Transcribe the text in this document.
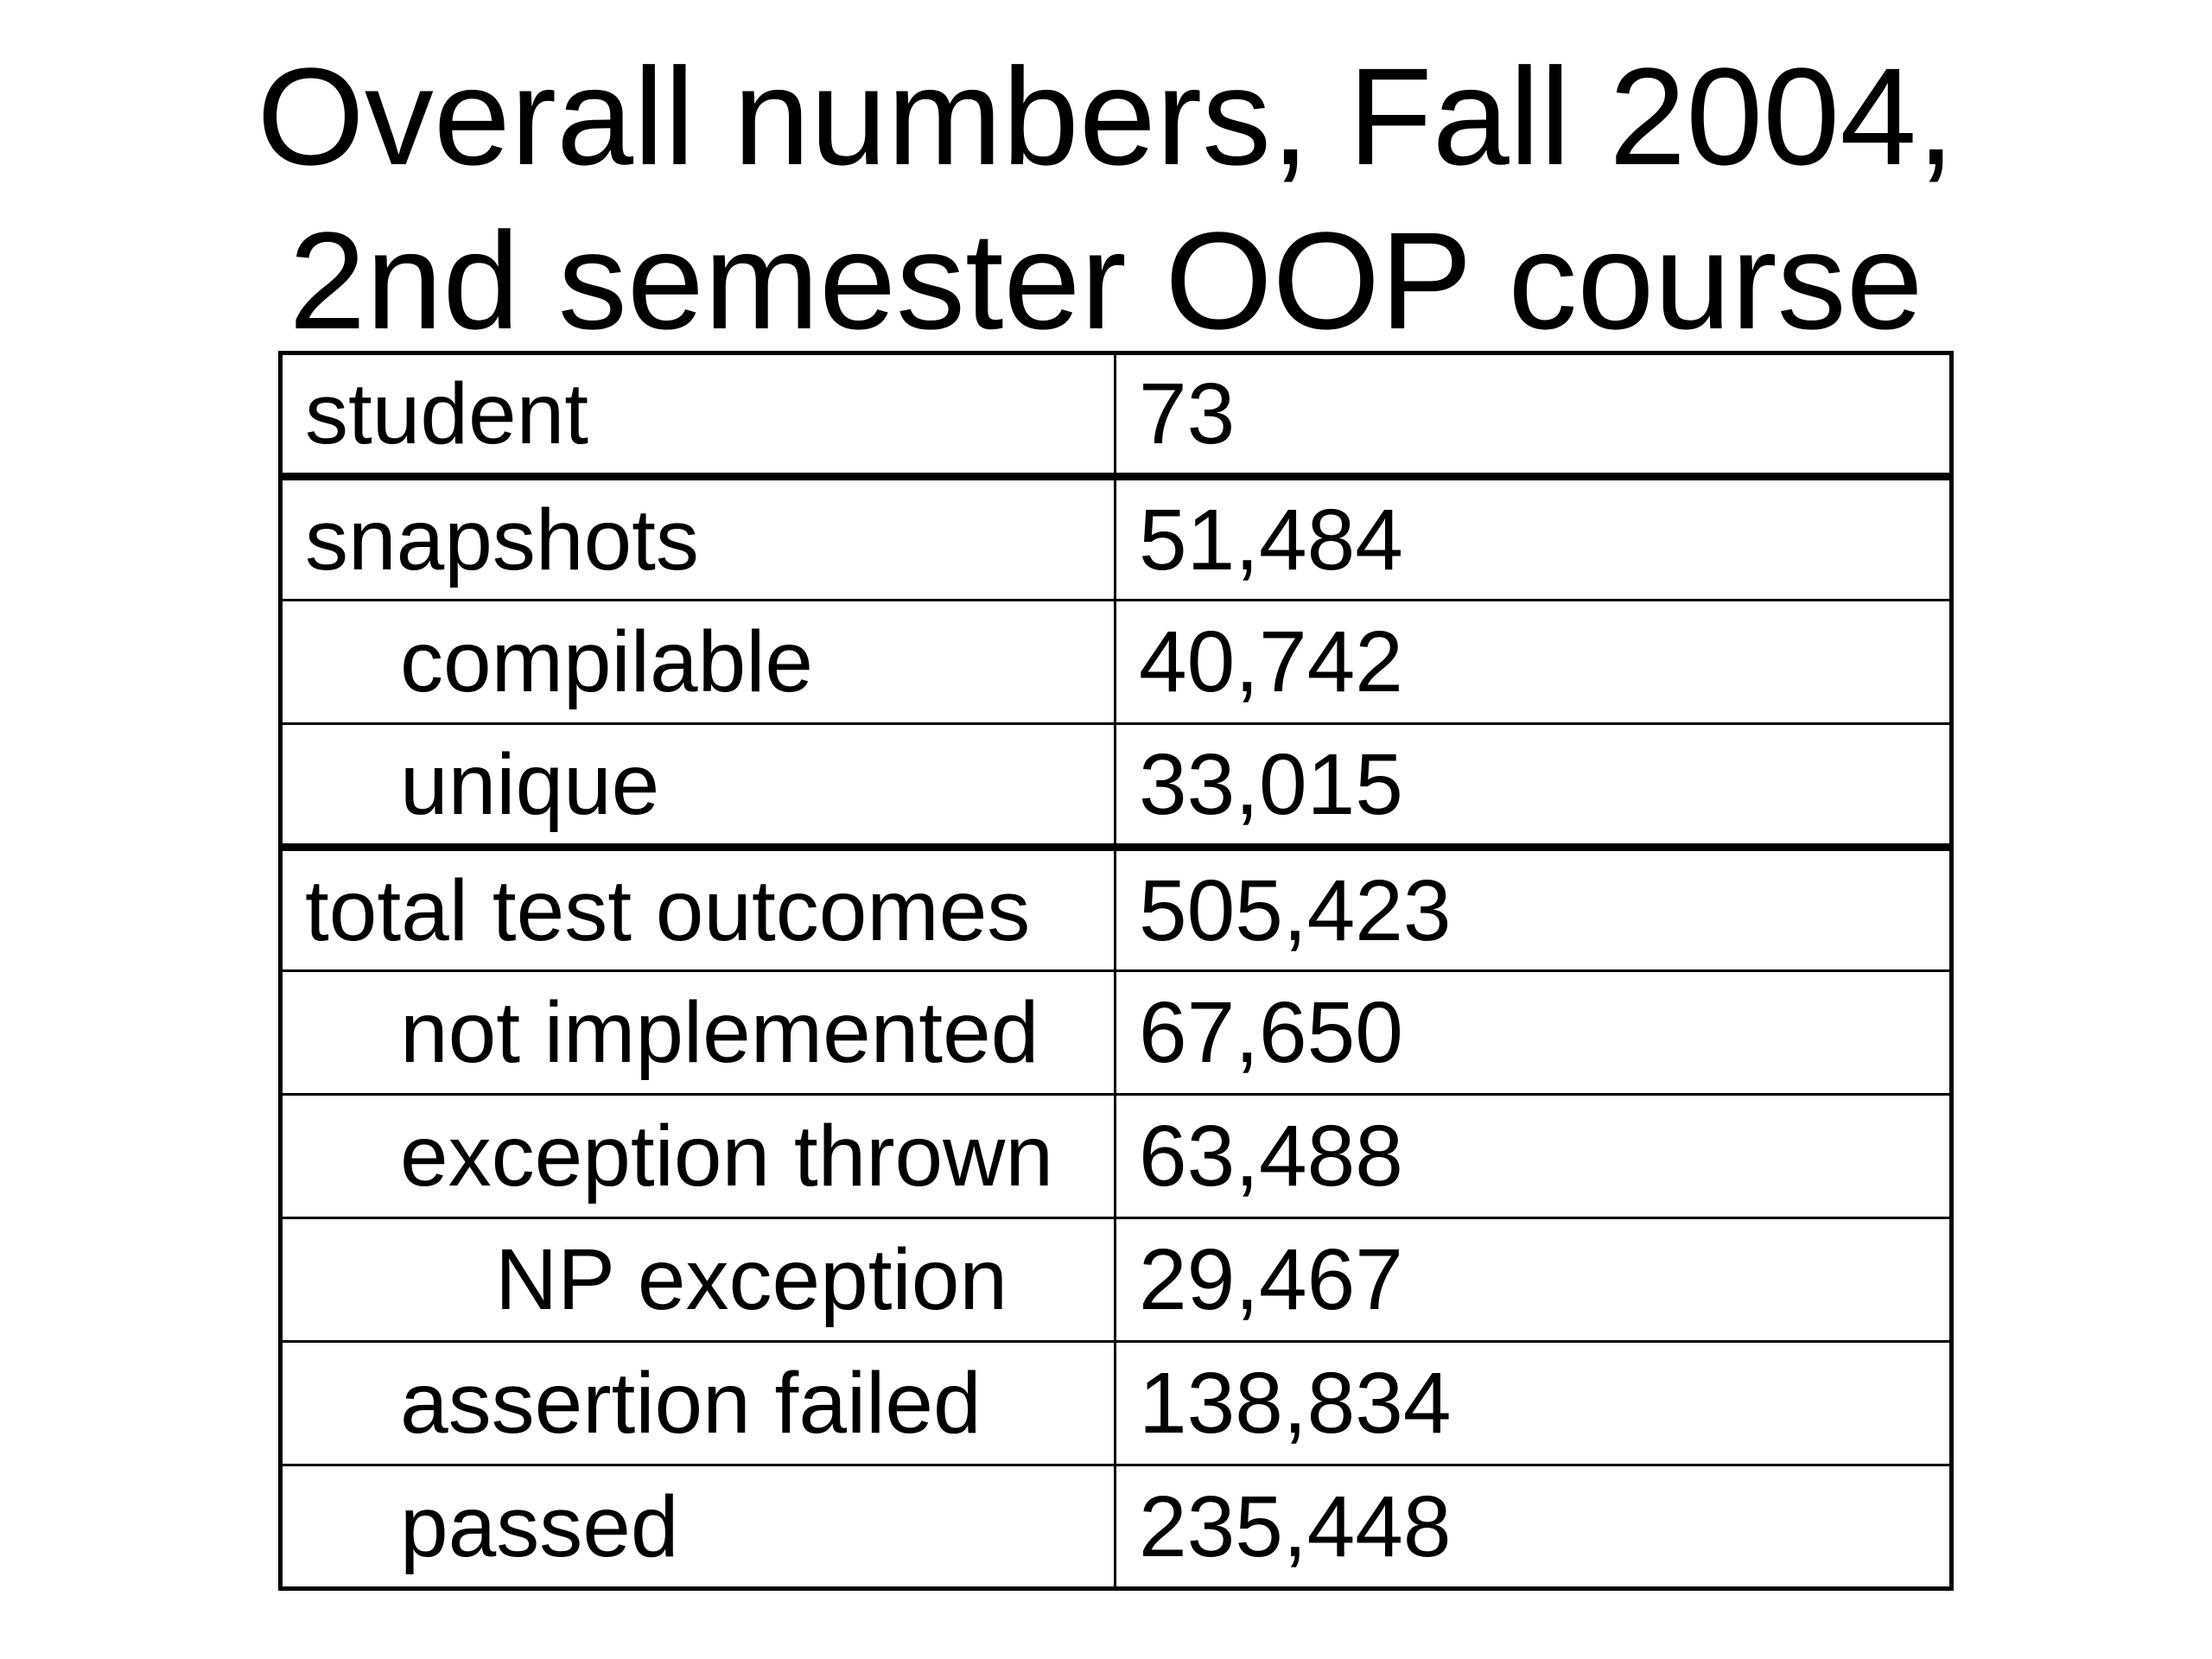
Overall numbers, Fall 2004,
2nd semester OOP course
student	73
snapshots	51,484
compilable	40,742
unique	33,015
total test outcomes	505,423
not implemented	67,650
exception thrown	63,488
NP exception	29,467
assertion failed	138,834
passed	235,448
